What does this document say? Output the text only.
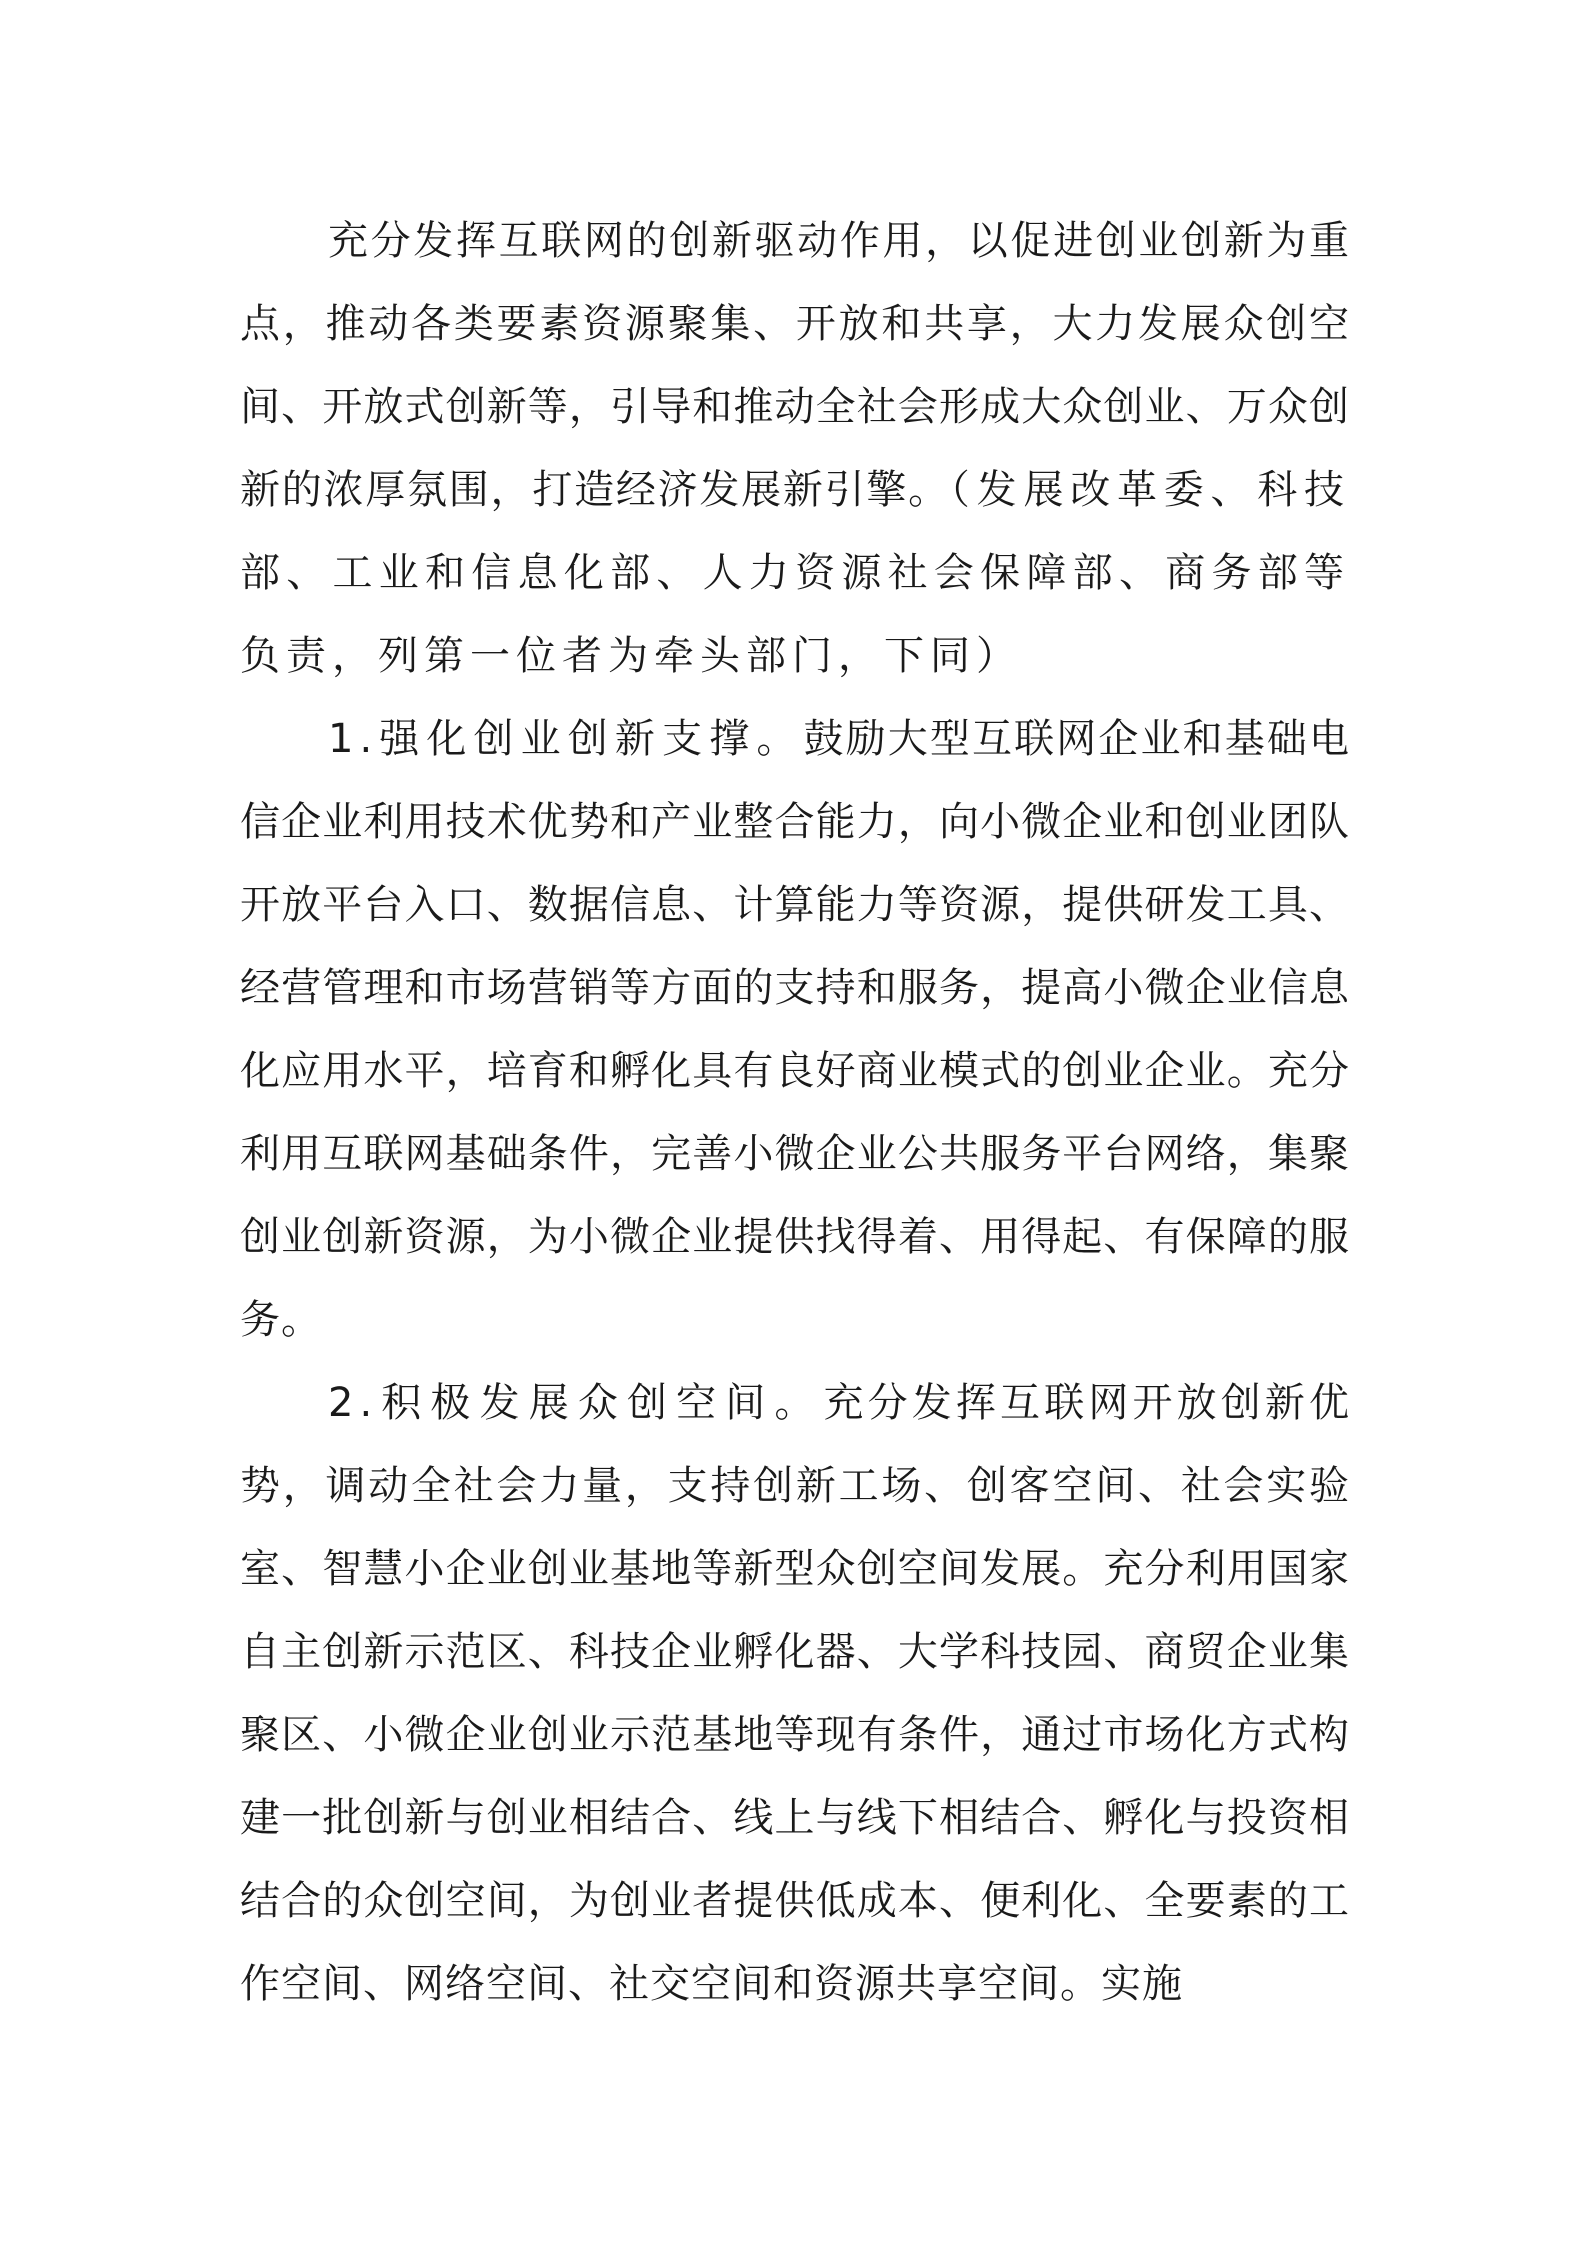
充分发挥互联网的创新驱动作用，以促进创业创新为重点，推动各类要素资源聚集、开放和共享，大力发展众创空间、开放式创新等，引导和推动全社会形成大众创业、万众创新的浓厚氛围，打造经济发展新引擎。（发展改革委、科技部、工业和信息化部、人力资源社会保障部、商务部等负责，列第一位者为牵头部门，下同）

1.强化创业创新支撑。鼓励大型互联网企业和基础电信企业利用技术优势和产业整合能力，向小微企业和创业团队开放平台入口、数据信息、计算能力等资源，提供研发工具、经营管理和市场营销等方面的支持和服务，提高小微企业信息化应用水平，培育和孵化具有良好商业模式的创业企业。充分利用互联网基础条件，完善小微企业公共服务平台网络，集聚创业创新资源，为小微企业提供找得着、用得起、有保障的服务。

2.积极发展众创空间。充分发挥互联网开放创新优势，调动全社会力量，支持创新工场、创客空间、社会实验室、智慧小企业创业基地等新型众创空间发展。充分利用国家自主创新示范区、科技企业孵化器、大学科技园、商贸企业集聚区、小微企业创业示范基地等现有条件，通过市场化方式构建一批创新与创业相结合、线上与线下相结合、孵化与投资相结合的众创空间，为创业者提供低成本、便利化、全要素的工作空间、网络空间、社交空间和资源共享空间。实施
